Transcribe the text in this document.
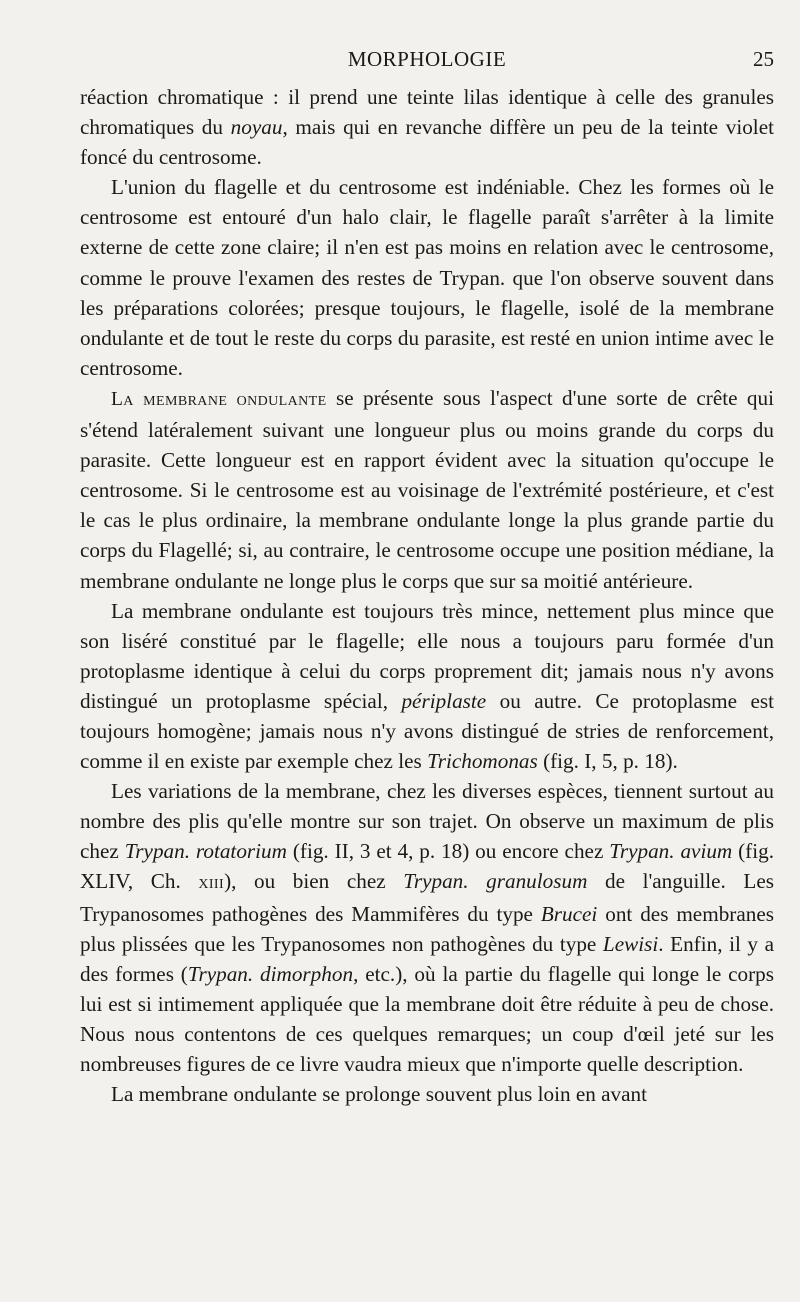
MORPHOLOGIE	25

réaction chromatique : il prend une teinte lilas identique à celle des granules chromatiques du noyau, mais qui en revanche diffère un peu de la teinte violet foncé du centrosome.

L'union du flagelle et du centrosome est indéniable. Chez les formes où le centrosome est entouré d'un halo clair, le flagelle paraît s'arrêter à la limite externe de cette zone claire; il n'en est pas moins en relation avec le centrosome, comme le prouve l'examen des restes de Trypan. que l'on observe souvent dans les préparations colorées; presque toujours, le flagelle, isolé de la membrane ondulante et de tout le reste du corps du parasite, est resté en union intime avec le centrosome.

La membrane ondulante se présente sous l'aspect d'une sorte de crête qui s'étend latéralement suivant une longueur plus ou moins grande du corps du parasite. Cette longueur est en rapport évident avec la situation qu'occupe le centrosome. Si le centrosome est au voisinage de l'extrémité postérieure, et c'est le cas le plus ordinaire, la membrane ondulante longe la plus grande partie du corps du Flagellé; si, au contraire, le centrosome occupe une position médiane, la membrane ondulante ne longe plus le corps que sur sa moitié antérieure.

La membrane ondulante est toujours très mince, nettement plus mince que son liséré constitué par le flagelle; elle nous a toujours paru formée d'un protoplasme identique à celui du corps proprement dit; jamais nous n'y avons distingué un protoplasme spécial, périplaste ou autre. Ce protoplasme est toujours homogène; jamais nous n'y avons distingué de stries de renforcement, comme il en existe par exemple chez les Trichomonas (fig. I, 5, p. 18).

Les variations de la membrane, chez les diverses espèces, tiennent surtout au nombre des plis qu'elle montre sur son trajet. On observe un maximum de plis chez Trypan. rotatorium (fig. II, 3 et 4, p. 18) ou encore chez Trypan. avium (fig. XLIV, Ch. xiii), ou bien chez Trypan. granulosum de l'anguille. Les Trypanosomes pathogènes des Mammifères du type Brucei ont des membranes plus plissées que les Trypanosomes non pathogènes du type Lewisi. Enfin, il y a des formes (Trypan. dimorphon, etc.), où la partie du flagelle qui longe le corps lui est si intimement appliquée que la membrane doit être réduite à peu de chose. Nous nous contentons de ces quelques remarques; un coup d'œil jeté sur les nombreuses figures de ce livre vaudra mieux que n'importe quelle description.

La membrane ondulante se prolonge souvent plus loin en avant
